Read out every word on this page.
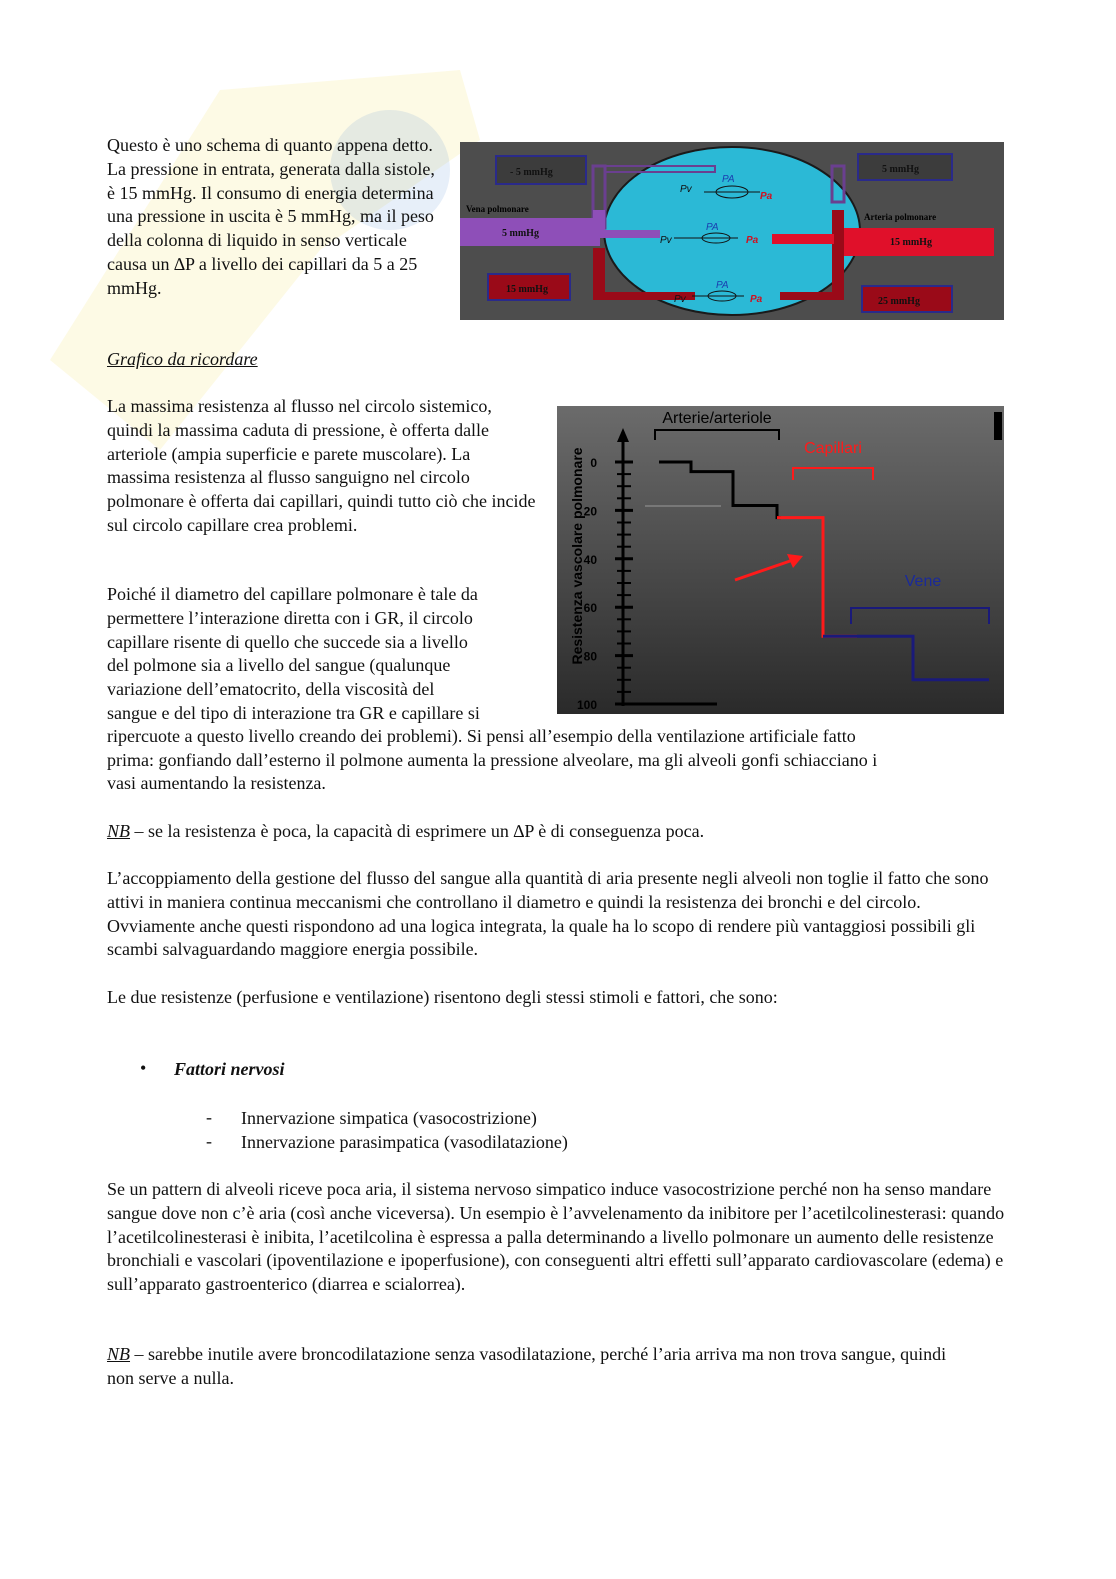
Questo è uno schema di quanto appena detto. La pressione in entrata, generata dalla sistole, è 15 mmHg. Il consumo di energia determina una pressione in uscita è 5 mmHg, ma il peso della colonna di liquido in senso verticale causa un ∆P a livello dei capillari da 5 a 25 mmHg.

Vena polmonare
5 mmHg
Arteria polmonare
15 mmHg
- 5 mmHg	5 mmHg
15 mmHg
25 mmHg
Pv
PA
Pa
Pv
PA
Pa
Pv
PA
Pa

Grafico da ricordare

La massima resistenza al flusso nel circolo sistemico, quindi la massima caduta di pressione, è offerta dalle arteriole (ampia superficie e parete muscolare). La massima resistenza al flusso sanguigno nel circolo polmonare è offerta dai capillari, quindi tutto ciò che incide sul circolo capillare crea problemi.	Resistenza vascolare polmonare 0
20
40
60
80
100
Arterie/arteriole
Capillari
Vene

Poiché il diametro del capillare polmonare è tale da

permettere l’interazione diretta con i GR, il circolo

capillare risente di quello che succede sia a livello

del polmone sia a livello del sangue (qualunque

variazione dell’ematocrito, della viscosità del

sangue e del tipo di interazione tra GR e capillare si

ripercuote a questo livello creando dei problemi). Si pensi all’esempio della ventilazione artificiale fatto

prima: gonfiando dall’esterno il polmone aumenta la pressione alveolare, ma gli alveoli gonfi schiacciano i

vasi aumentando la resistenza.

NB – se la resistenza è poca, la capacità di esprimere un ∆P è di conseguenza poca.

L’accoppiamento della gestione del flusso del sangue alla quantità di aria presente negli alveoli non toglie il fatto che sono attivi in maniera continua meccanismi che controllano il diametro e quindi la resistenza dei bronchi e del circolo. Ovviamente anche questi rispondono ad una logica integrata, la quale ha lo scopo di rendere più vantaggiosi possibili gli scambi salvaguardando maggiore energia possibile.

Le due resistenze (perfusione e ventilazione) risentono degli stessi stimoli e fattori, che sono:

• Fattori nervosi

- Innervazione simpatica (vasocostrizione)

- Innervazione parasimpatica (vasodilatazione)

Se un pattern di alveoli riceve poca aria, il sistema nervoso simpatico induce vasocostrizione perché non ha senso mandare sangue dove non c’è aria (così anche viceversa). Un esempio è l’avvelenamento da inibitore per l’acetilcolinesterasi: quando l’acetilcolinesterasi è inibita, l’acetilcolina è espressa a palla determinando a livello polmonare un aumento delle resistenze bronchiali e vascolari (ipoventilazione e ipoperfusione), con conseguenti altri effetti sull’apparato cardiovascolare (edema) e sull’apparato gastroenterico (diarrea e scialorrea).

NB – sarebbe inutile avere broncodilatazione senza vasodilatazione, perché l’aria arriva ma non trova sangue, quindi non serve a nulla.
